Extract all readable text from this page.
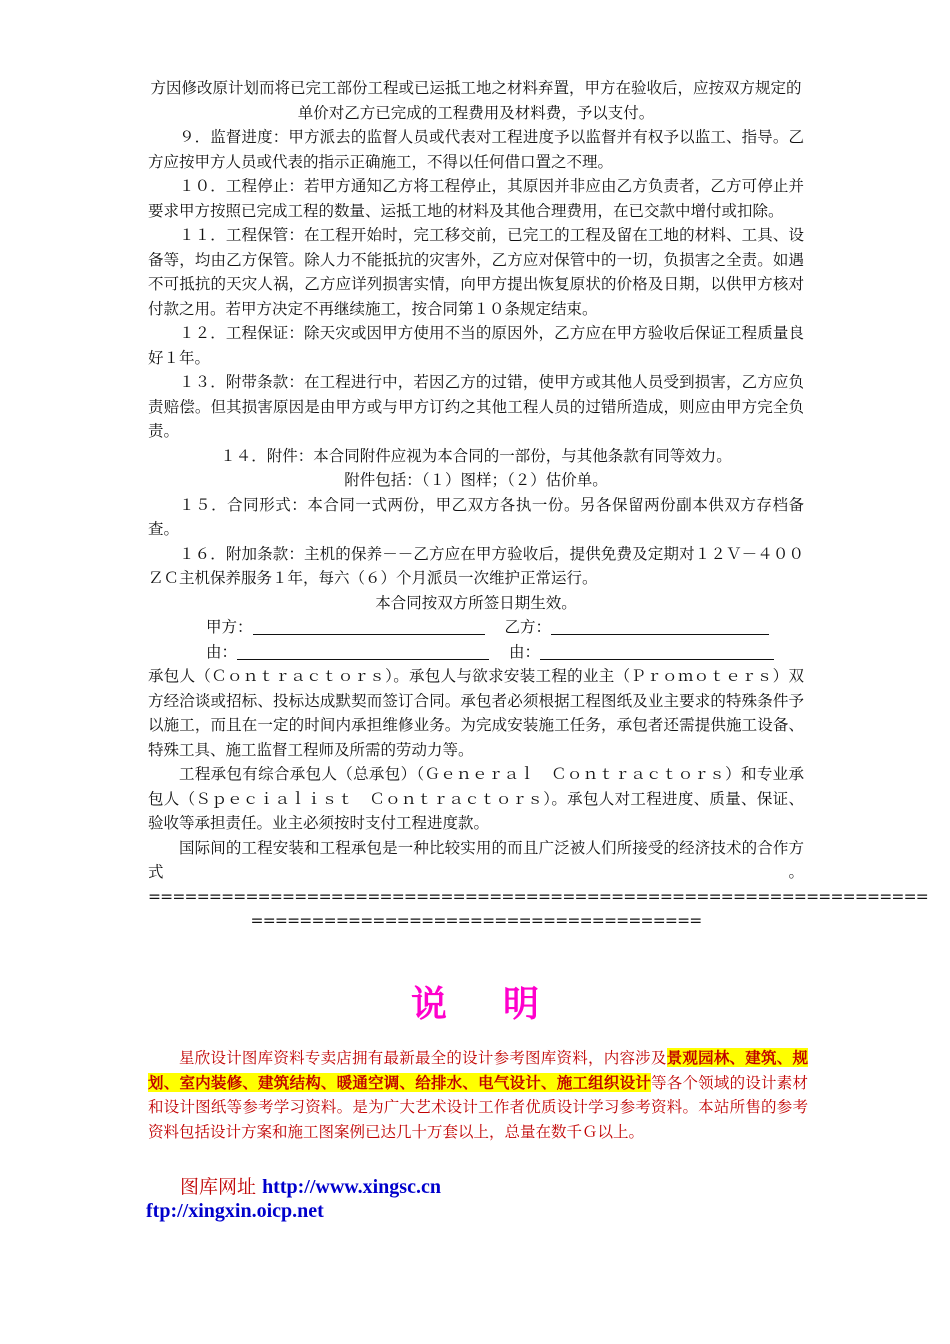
方因修改原计划而将已完工部份工程或已运抵工地之材料弃置，甲方在验收后，应按双方规定的单价对乙方已完成的工程费用及材料费，予以支付。

９．监督进度：甲方派去的监督人员或代表对工程进度予以监督并有权予以监工、指导。乙方应按甲方人员或代表的指示正确施工，不得以任何借口置之不理。

１０．工程停止：若甲方通知乙方将工程停止，其原因并非应由乙方负责者，乙方可停止并要求甲方按照已完成工程的数量、运抵工地的材料及其他合理费用，在已交款中增付或扣除。

１１．工程保管：在工程开始时，完工移交前，已完工的工程及留在工地的材料、工具、设备等，均由乙方保管。除人力不能抵抗的灾害外，乙方应对保管中的一切，负损害之全责。如遇不可抵抗的天灾人祸，乙方应详列损害实情，向甲方提出恢复原状的价格及日期，以供甲方核对付款之用。若甲方决定不再继续施工，按合同第１０条规定结束。

１２．工程保证：除天灾或因甲方使用不当的原因外，乙方应在甲方验收后保证工程质量良好１年。

１３．附带条款：在工程进行中，若因乙方的过错，使甲方或其他人员受到损害，乙方应负责赔偿。但其损害原因是由甲方或与甲方订约之其他工程人员的过错所造成，则应由甲方完全负责。

１４．附件：本合同附件应视为本合同的一部份，与其他条款有同等效力。

附件包括：（１）图样；（２）估价单。

１５．合同形式：本合同一式两份，甲乙双方各执一份。另各保留两份副本供双方存档备查。

１６．附加条款：主机的保养－－乙方应在甲方验收后，提供免费及定期对１２Ｖ－４００ＺＣ主机保养服务１年，每六（６）个月派员一次维护正常运行。

本合同按双方所签日期生效。

甲方：	乙方：

由：	由：

承包人（Ｃｏｎｔｒａｃｔｏｒｓ）。承包人与欲求安装工程的业主（Ｐｒｏｍｏｔｅｒｓ）双方经洽谈或招标、投标达成默契而签订合同。承包者必须根据工程图纸及业主要求的特殊条件予以施工，而且在一定的时间内承担维修业务。为完成安装施工任务，承包者还需提供施工设备、特殊工具、施工监督工程师及所需的劳动力等。

工程承包有综合承包人（总承包）（Ｇｅｎｅｒａｌ　Ｃｏｎｔｒａｃｔｏｒｓ）和专业承包人（Ｓｐｅｃｉａｌｉｓｔ　Ｃｏｎｔｒａｃｔｏｒｓ）。承包人对工程进度、质量、保证、验收等承担责任。业主必须按时支付工程进度款。

国际间的工程安装和工程承包是一种比较实用的而且广泛被人们所接受的经济技术的合作方式。================================================================

=====================================

说明

星欣设计图库资料专卖店拥有最新最全的设计参考图库资料，内容涉及景观园林、建筑、规划、室内装修、建筑结构、暖通空调、给排水、电气设计、施工组织设计等各个领域的设计素材和设计图纸等参考学习资料。是为广大艺术设计工作者优质设计学习参考资料。本站所售的参考资料包括设计方案和施工图案例已达几十万套以上，总量在数千Ｇ以上。

图库网址 http://www.xingsc.cn
ftp://xingxin.oicp.net
